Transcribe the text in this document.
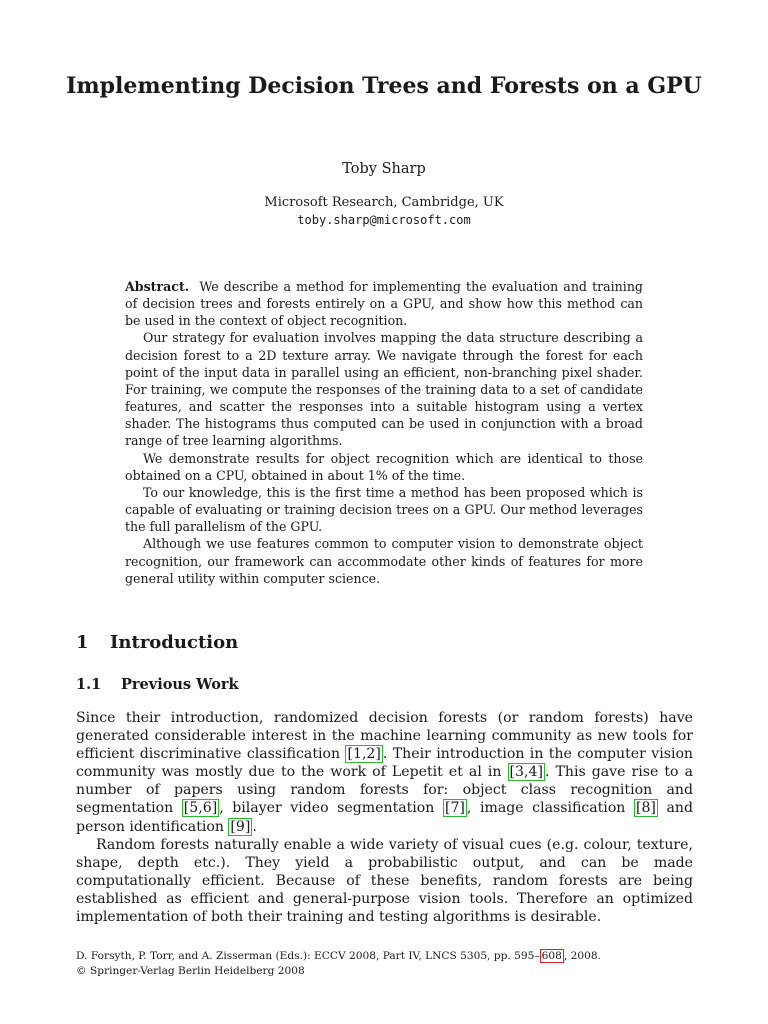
Implementing Decision Trees and Forests on a GPU
Toby Sharp
Microsoft Research, Cambridge, UK
toby.sharp@microsoft.com

Abstract. We describe a method for implementing the evaluation and training of decision trees and forests entirely on a GPU, and show how this method can be used in the context of object recognition.

Our strategy for evaluation involves mapping the data structure describing a decision forest to a 2D texture array. We navigate through the forest for each point of the input data in parallel using an efficient, non-branching pixel shader. For training, we compute the responses of the training data to a set of candidate features, and scatter the responses into a suitable histogram using a vertex shader. The histograms thus computed can be used in conjunction with a broad range of tree learning algorithms.

We demonstrate results for object recognition which are identical to those obtained on a CPU, obtained in about 1% of the time.

To our knowledge, this is the first time a method has been proposed which is capable of evaluating or training decision trees on a GPU. Our method leverages the full parallelism of the GPU.

Although we use features common to computer vision to demonstrate object recognition, our framework can accommodate other kinds of features for more general utility within computer science.

1 Introduction
1.1 Previous Work

Since their introduction, randomized decision forests (or random forests) have generated considerable interest in the machine learning community as new tools for efficient discriminative classification [1,2] . Their introduction in the computer vision community was mostly due to the work of Lepetit et al in [3,4] . This gave rise to a number of papers using random forests for: object class recognition and segmentation [5,6] , bilayer video segmentation [7] , image classification [8] and person identification [9] .

Random forests naturally enable a wide variety of visual cues (e.g. colour, texture, shape, depth etc.). They yield a probabilistic output, and can be made computationally efficient. Because of these benefits, random forests are being established as efficient and general-purpose vision tools. Therefore an optimized implementation of both their training and testing algorithms is desirable.

D. Forsyth, P. Torr, and A. Zisserman (Eds.): ECCV 2008, Part IV, LNCS 5305, pp. 595– 608 , 2008.

© Springer-Verlag Berlin Heidelberg 2008
